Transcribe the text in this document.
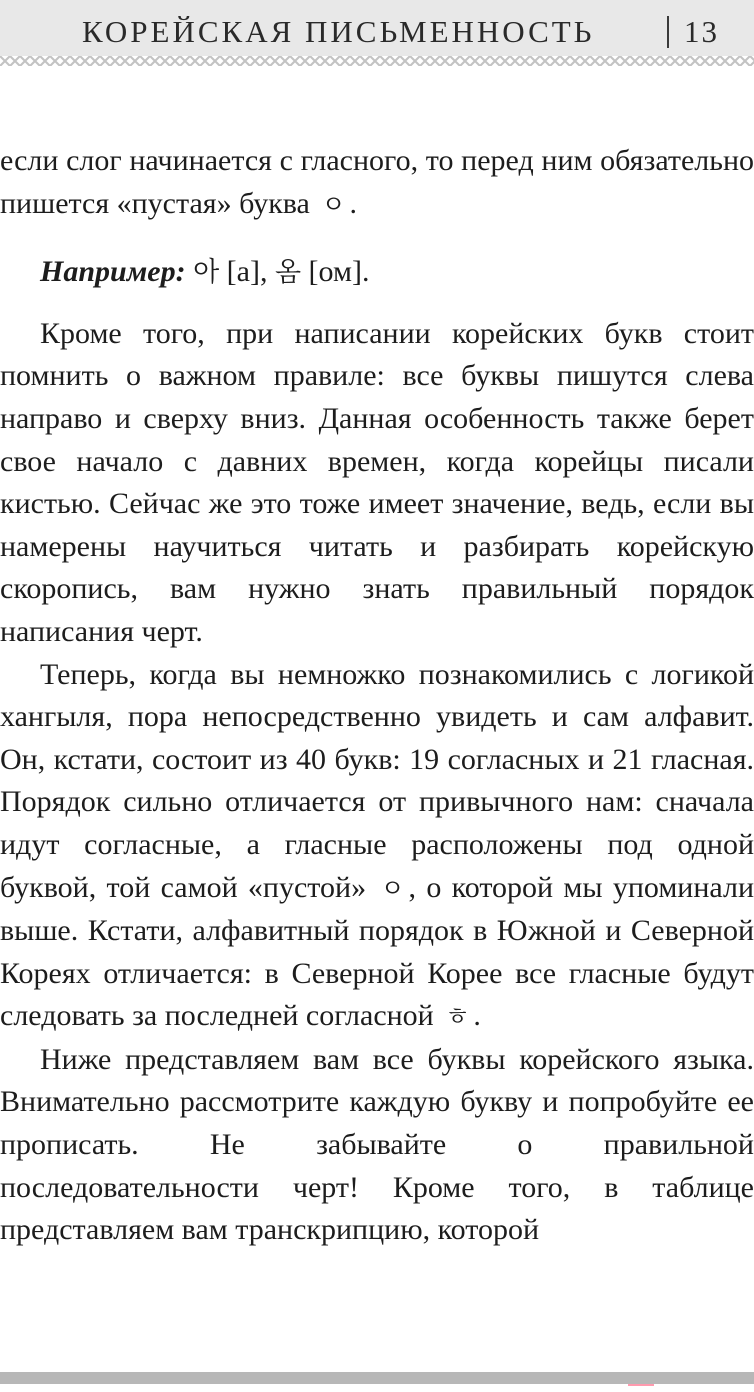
КОРЕЙСКАЯ ПИСЬМЕННОСТЬ	13

если слог начинается с гласного, то перед ним обязательно пишется «пустая» буква ㅇ .

Например: 아 [а], 옴 [ом].

Кроме того, при написании корейских букв стоит помнить о важном правиле: все буквы пишутся слева направо и сверху вниз. Данная особенность также берет свое начало с давних времен, когда корейцы писали кистью. Сейчас же это тоже имеет значение, ведь, если вы намерены научиться читать и разбирать корейскую скоропись, вам нужно знать правильный порядок написания черт.

Теперь, когда вы немножко познакомились с логикой хангыля, пора непосредственно увидеть и сам алфавит. Он, кстати, состоит из 40 букв: 19 согласных и 21 гласная. Порядок сильно отличается от привычного нам: сначала идут согласные, а гласные расположены под одной буквой, той самой «пустой» ㅇ , о которой мы упоминали выше. Кстати, алфавитный порядок в Южной и Северной Кореях отличается: в Северной Корее все гласные будут следовать за последней согласной ㅎ .

Ниже представляем вам все буквы корейского языка. Внимательно рассмотрите каждую букву и попробуйте ее прописать. Не забывайте о правильной последовательности черт! Кроме того, в таблице представляем вам транскрипцию, которой
